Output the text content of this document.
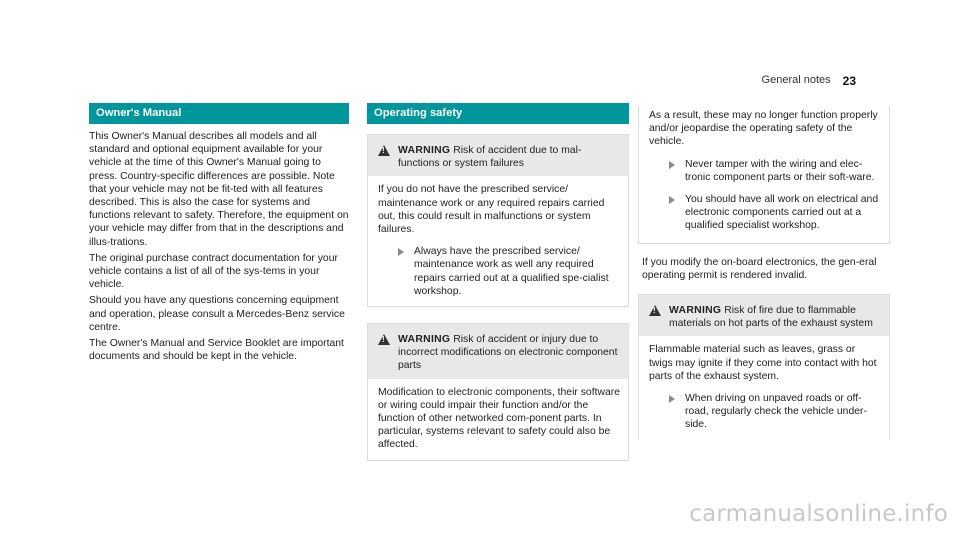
General notes 23
Owner's Manual

This Owner's Manual describes all models and all standard and optional equipment available for your vehicle at the time of this Owner's Manual going to press. Country-specific differences are possible. Note that your vehicle may not be fit-ted with all features described. This is also the case for systems and functions relevant to safety. Therefore, the equipment on your vehicle may differ from that in the descriptions and illus-trations.

The original purchase contract documentation for your vehicle contains a list of all of the sys-tems in your vehicle.

Should you have any questions concerning equipment and operation, please consult a Mercedes-Benz service centre.

The Owner's Manual and Service Booklet are important documents and should be kept in the vehicle.

Operating safety
!
WARNING Risk of accident due to mal-functions or system failures
If you do not have the prescribed service/ maintenance work or any required repairs carried out, this could result in malfunctions or system failures.
Always have the prescribed service/ maintenance work as well any required repairs carried out at a qualified spe-cialist workshop.
!
WARNING Risk of accident or injury due to incorrect modifications on electronic component parts
Modification to electronic components, their software or wiring could impair their function and/or the function of other networked com-ponent parts. In particular, systems relevant to safety could also be affected.
As a result, these may no longer function properly and/or jeopardise the operating safety of the vehicle.
Never tamper with the wiring and elec-tronic component parts or their soft-ware.
You should have all work on electrical and electronic components carried out at a qualified specialist workshop.

If you modify the on-board electronics, the gen-eral operating permit is rendered invalid.

!
WARNING Risk of fire due to flammable materials on hot parts of the exhaust system
Flammable material such as leaves, grass or twigs may ignite if they come into contact with hot parts of the exhaust system.
When driving on unpaved roads or off-road, regularly check the vehicle under-side.
carmanualsonline.info
